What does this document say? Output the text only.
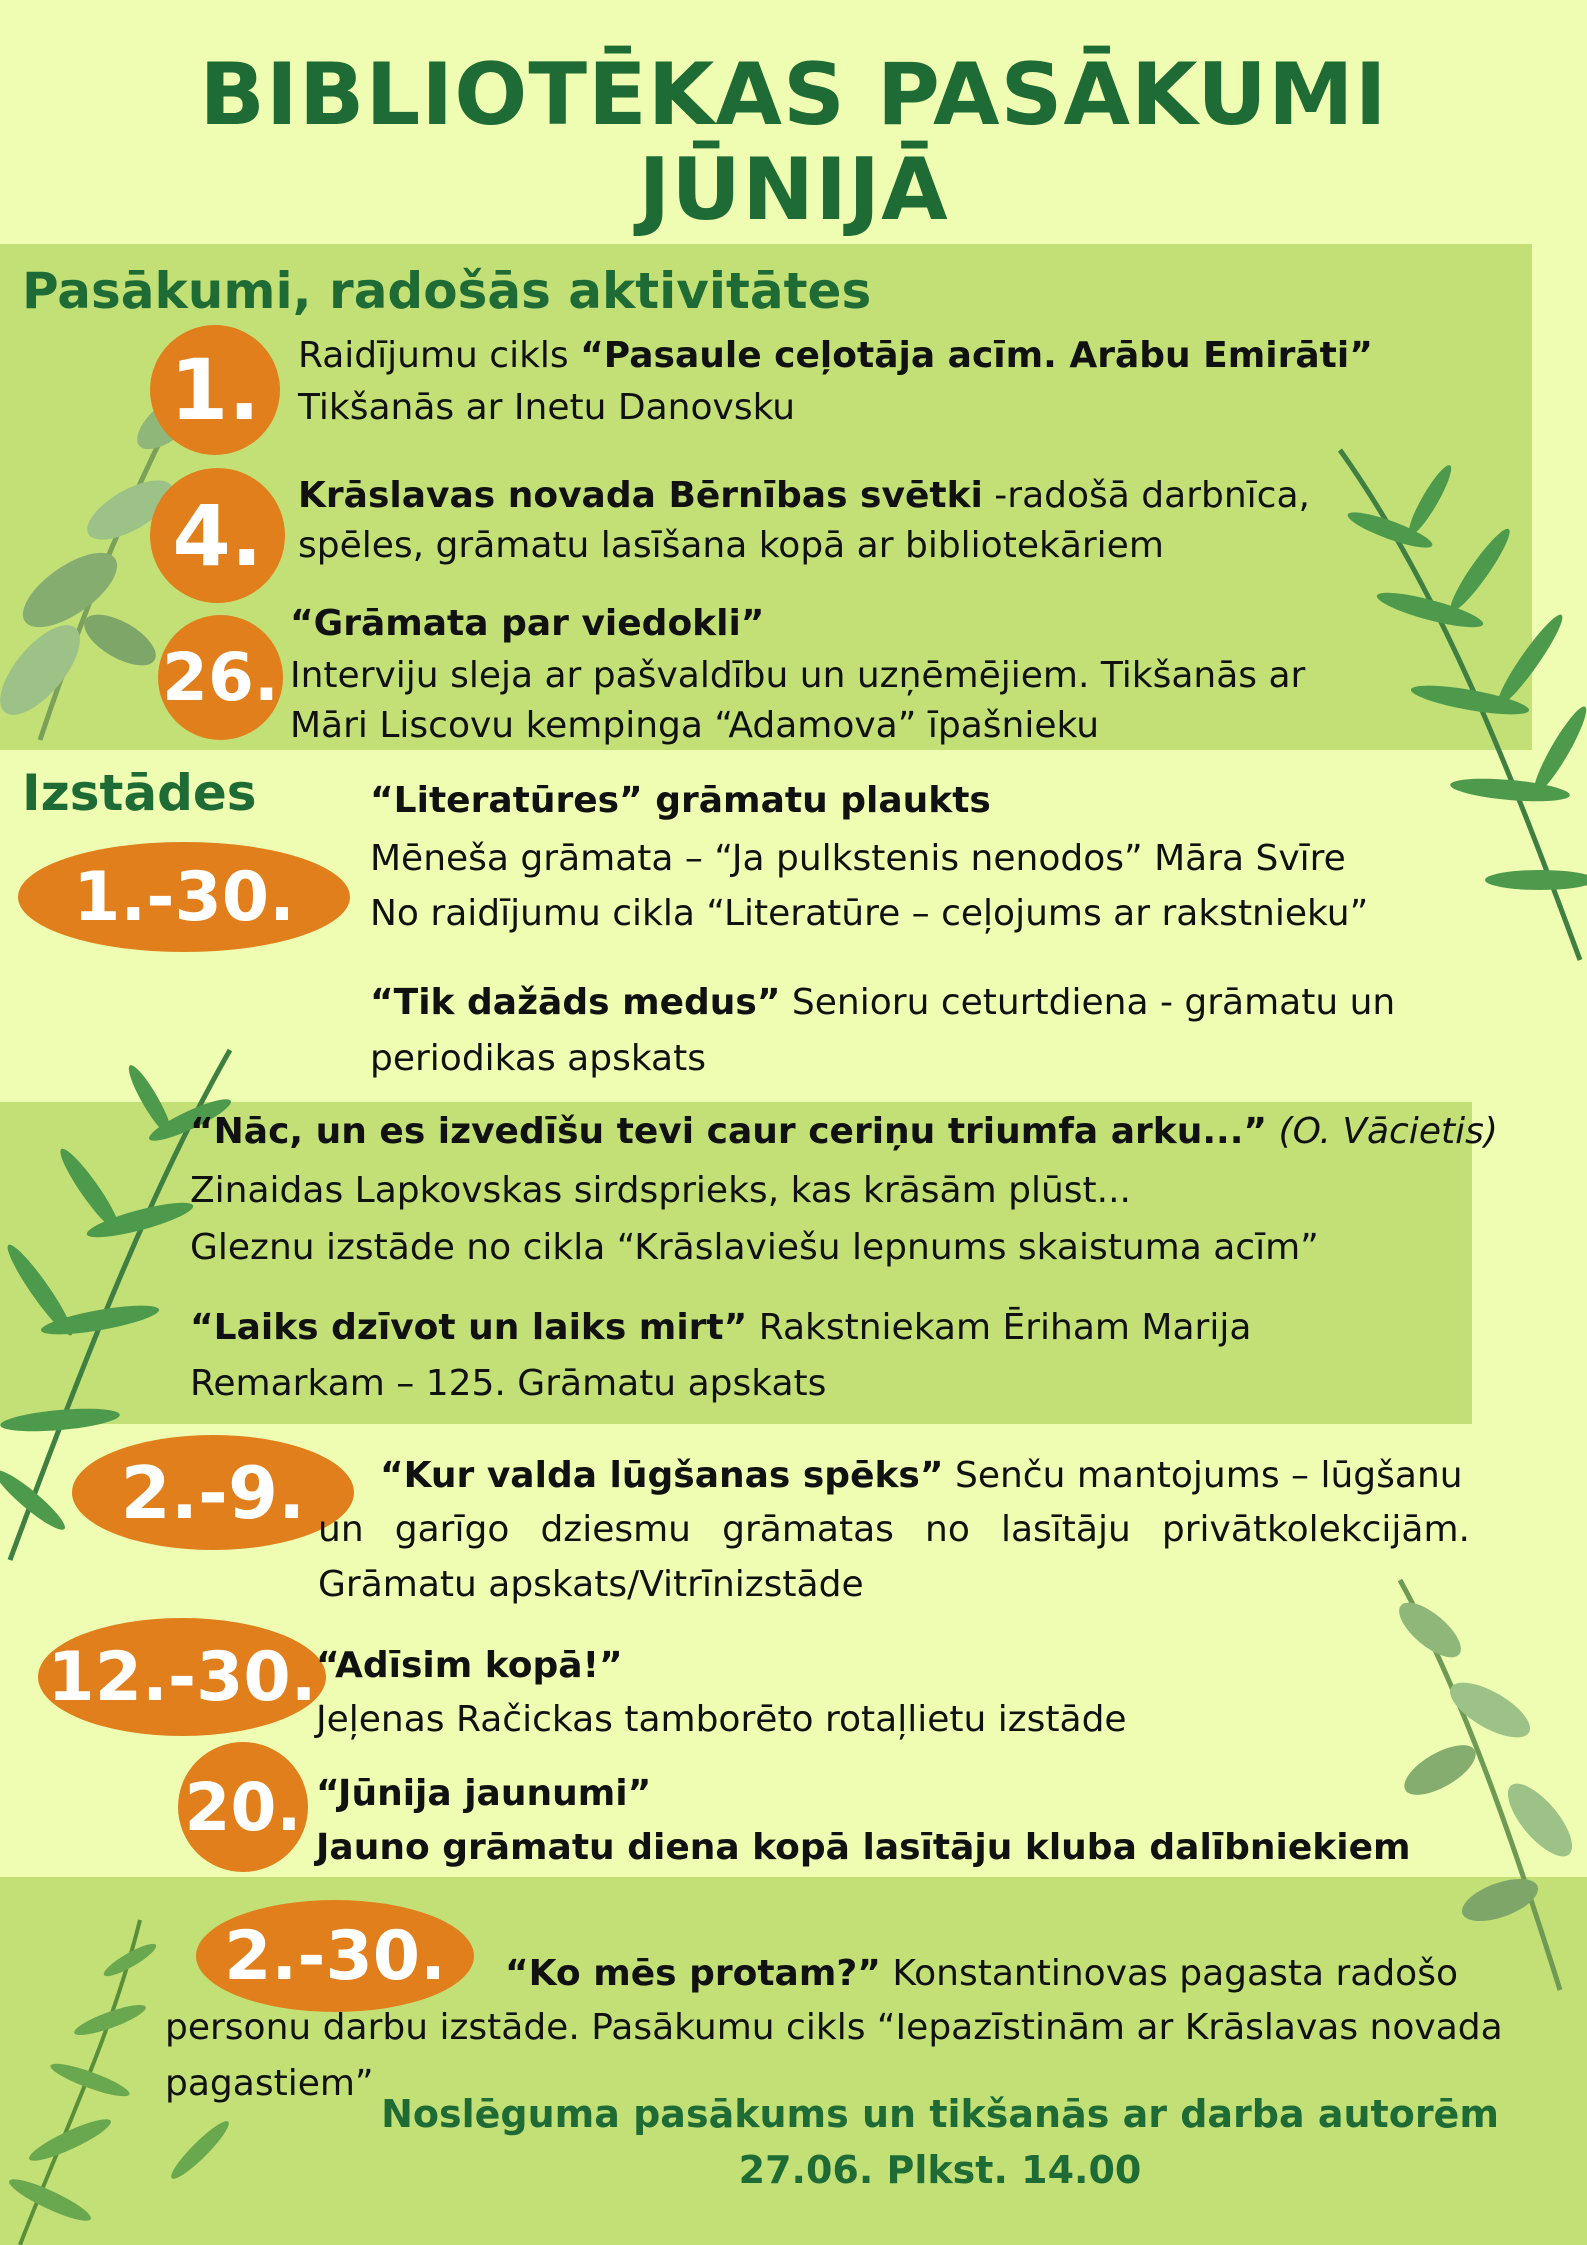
BIBLIOTĒKAS PASĀKUMI
JŪNIJĀ
Pasākumi, radošās aktivitātes
Izstādes
1.	Raidījumu cikls “Pasaule ceļotāja acīm. Arābu Emirāti”
Tikšanās ar Inetu Danovsku
4. Krāslavas novada Bērnības svētki -radošā darbnīca,
spēles, grāmatu lasīšana kopā ar bibliotekāriem
26.
“Grāmata par viedokli”
Interviju sleja ar pašvaldību un uzņēmējiem. Tikšanās ar
Māri Liscovu kempinga “Adamova” īpašnieku
1.-30.
“Literatūres” grāmatu plaukts
Mēneša grāmata – “Ja pulkstenis nenodos” Māra Svīre
No raidījumu cikla “Literatūre – ceļojums ar rakstnieku”
“Tik dažāds medus” Senioru ceturtdiena - grāmatu un
periodikas apskats
“Nāc, un es izvedīšu tevi caur ceriņu triumfa arku...” (O. Vācietis)
Zinaidas Lapkovskas sirdsprieks, kas krāsām plūst...
Gleznu izstāde no cikla “Krāslaviešu lepnums skaistuma acīm”
“Laiks dzīvot un laiks mirt” Rakstniekam Ēriham Marija
Remarkam – 125. Grāmatu apskats
2.-9.	“Kur valda lūgšanas spēks” Senču mantojums – lūgšanu
un garīgo dziesmu grāmatas no lasītāju privātkolekcijām.
Grāmatu apskats/Vitrīnizstāde
12.-30. “Adīsim kopā!”
Jeļenas Račickas tamborēto rotaļlietu izstāde
20. “Jūnija jaunumi”
Jauno grāmatu diena kopā lasītāju kluba dalībniekiem
2.-30.	“Ko mēs protam?” Konstantinovas pagasta radošo
personu darbu izstāde. Pasākumu cikls “Iepazīstinām ar Krāslavas novada
pagastiem”
Noslēguma pasākums un tikšanās ar darba autorēm
27.06. Plkst. 14.00
